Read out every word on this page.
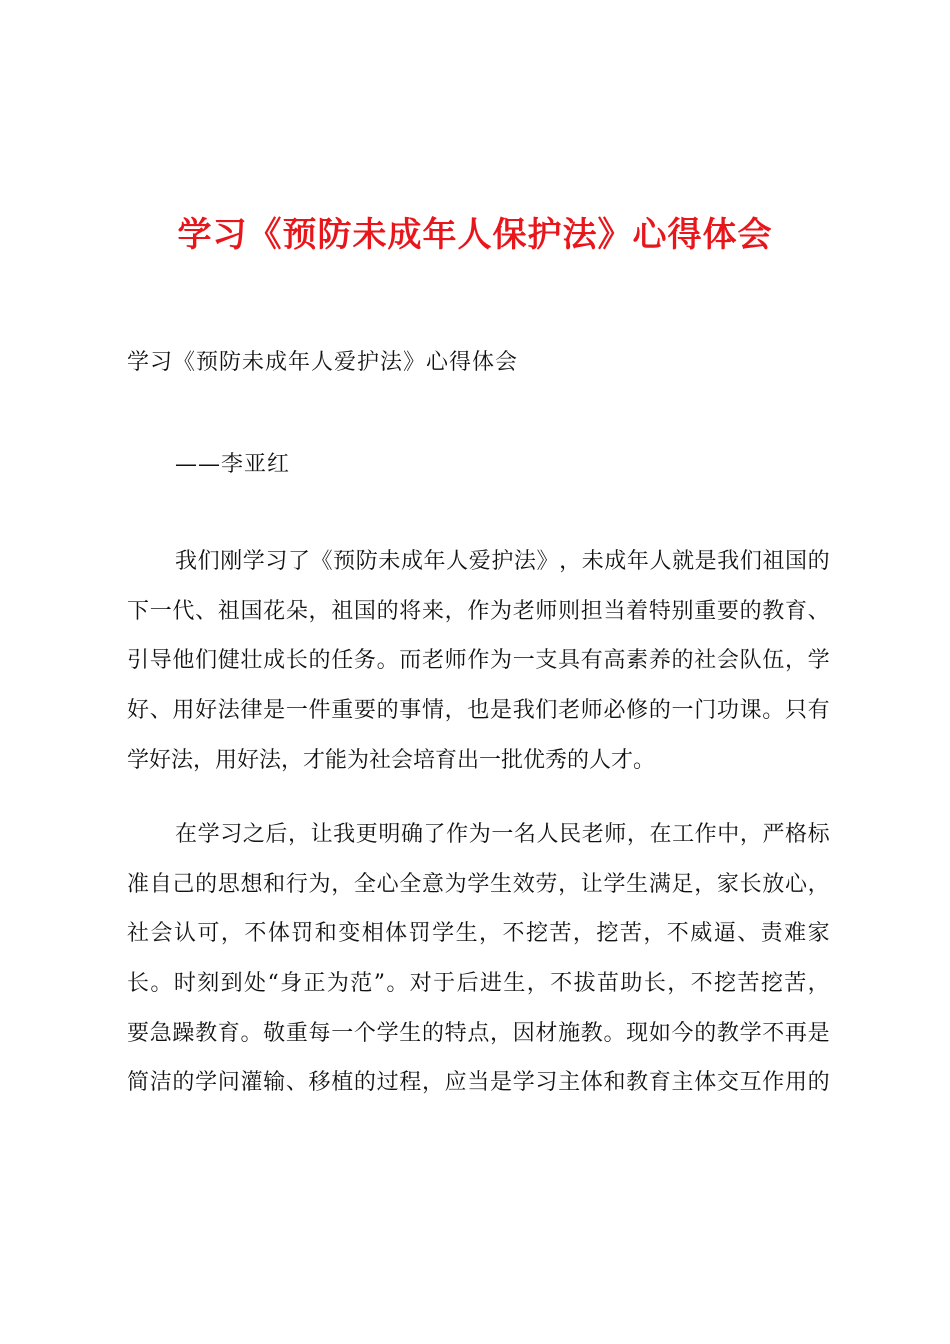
学习《预防未成年人保护法》心得体会
学习《预防未成年人爱护法》心得体会
——李亚红
我 们 刚 学 习 了 《 预 防 未 成 年 人 爱 护 法 》 ， 未 成 年 人 就 是 我 们 祖 国 的
下 一 代 、 祖 国 花 朵 ， 祖 国 的 将 来 ， 作 为 老 师 则 担 当 着 特 别 重 要 的 教 育 、
引 导 他 们 健 壮 成 长 的 任 务 。 而 老 师 作 为 一 支 具 有 高 素 养 的 社 会 队 伍 ， 学
好 、 用 好 法 律 是 一 件 重 要 的 事 情 ， 也 是 我 们 老 师 必 修 的 一 门 功 课 。 只 有
学好法，用好法，才能为社会培育出一批优秀的人才。
在 学 习 之 后 ， 让 我 更 明 确 了 作 为 一 名 人 民 老 师 ， 在 工 作 中 ， 严 格 标
准 自 己 的 思 想 和 行 为 ， 全 心 全 意 为 学 生 效 劳 ， 让 学 生 满 足 ， 家 长 放 心 ，
社 会 认 可 ， 不 体 罚 和 变 相 体 罚 学 生 ， 不 挖 苦 ， 挖 苦 ， 不 威 逼 、 责 难 家
长 。 时 刻 到 处 “ 身 正 为 范 ” 。 对 于 后 进 生 ， 不 拔 苗 助 长 ， 不 挖 苦 挖 苦 ，
要 急 躁 教 育 。 敬 重 每 一 个 学 生 的 特 点 ， 因 材 施 教 。 现 如 今 的 教 学 不 再 是
简 洁 的 学 问 灌 输 、 移 植 的 过 程 ， 应 当 是 学 习 主 体 和 教 育 主 体 交 互 作 用 的
